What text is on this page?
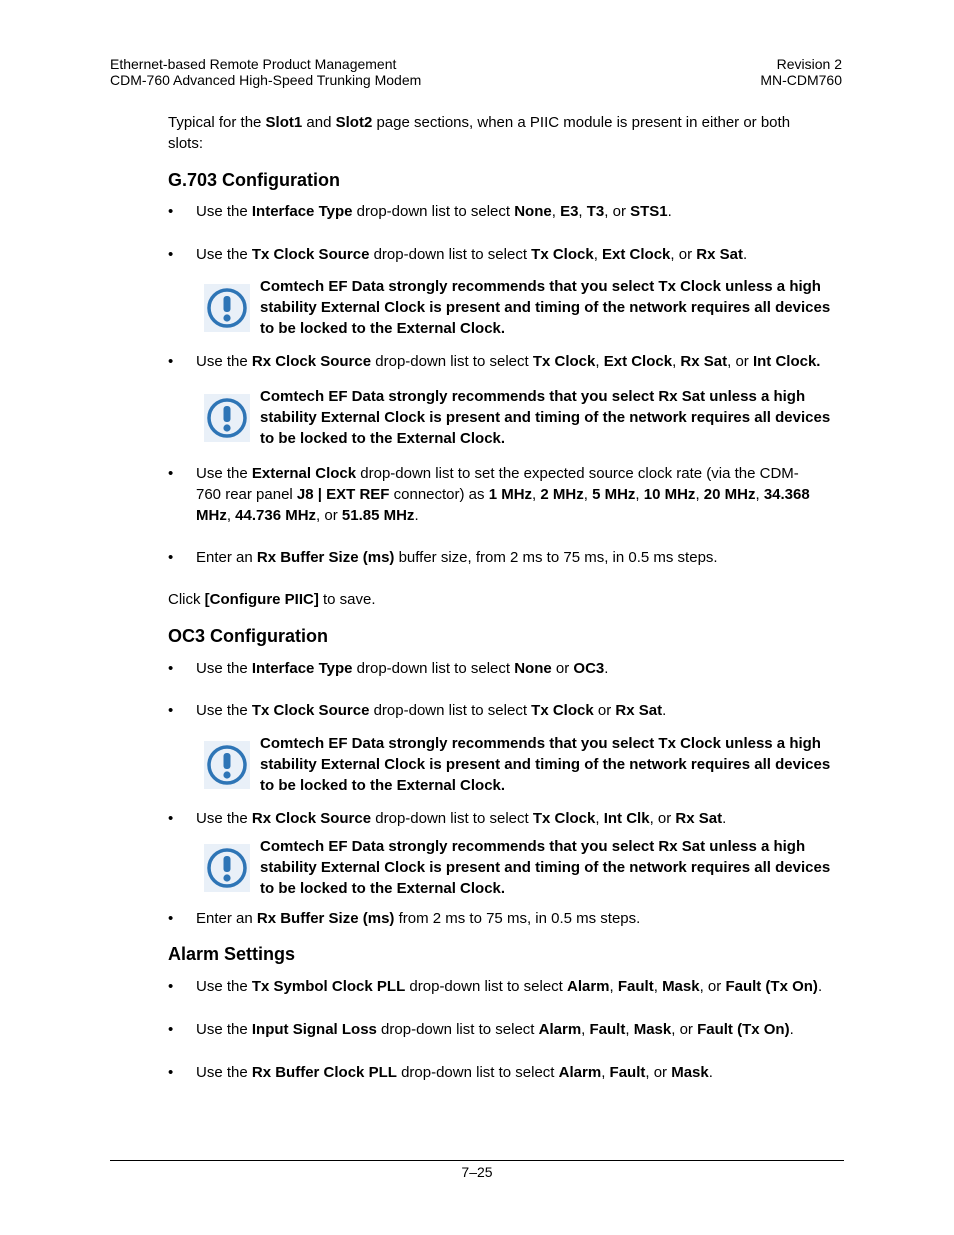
Ethernet-based Remote Product Management
CDM-760 Advanced High-Speed Trunking Modem
Revision 2
MN-CDM760
Typical for the Slot1 and Slot2 page sections, when a PIIC module is present in either or both slots:
G.703 Configuration
• Use the Interface Type drop-down list to select None, E3, T3, or STS1.
• Use the Tx Clock Source drop-down list to select Tx Clock, Ext Clock, or Rx Sat.
Comtech EF Data strongly recommends that you select Tx Clock unless a high
stability External Clock is present and timing of the network requires all devices
to be locked to the External Clock.
• Use the Rx Clock Source drop-down list to select Tx Clock, Ext Clock, Rx Sat, or Int Clock.
Comtech EF Data strongly recommends that you select Rx Sat unless a high
stability External Clock is present and timing of the network requires all devices
to be locked to the External Clock.
• Use the External Clock drop-down list to set the expected source clock rate (via the CDM-
760 rear panel J8 | EXT REF connector) as 1 MHz, 2 MHz, 5 MHz, 10 MHz, 20 MHz, 34.368
MHz, 44.736 MHz, or 51.85 MHz.
• Enter an Rx Buffer Size (ms) buffer size, from 2 ms to 75 ms, in 0.5 ms steps.
Click [Configure PIIC] to save.
OC3 Configuration
• Use the Interface Type drop-down list to select None or OC3.
• Use the Tx Clock Source drop-down list to select Tx Clock or Rx Sat.
Comtech EF Data strongly recommends that you select Tx Clock unless a high
stability External Clock is present and timing of the network requires all devices
to be locked to the External Clock.
• Use the Rx Clock Source drop-down list to select Tx Clock, Int Clk, or Rx Sat.
Comtech EF Data strongly recommends that you select Rx Sat unless a high
stability External Clock is present and timing of the network requires all devices
to be locked to the External Clock.
• Enter an Rx Buffer Size (ms) from 2 ms to 75 ms, in 0.5 ms steps.
Alarm Settings
• Use the Tx Symbol Clock PLL drop-down list to select Alarm, Fault, Mask, or Fault (Tx On).
• Use the Input Signal Loss drop-down list to select Alarm, Fault, Mask, or Fault (Tx On).
• Use the Rx Buffer Clock PLL drop-down list to select Alarm, Fault, or Mask.
7–25
